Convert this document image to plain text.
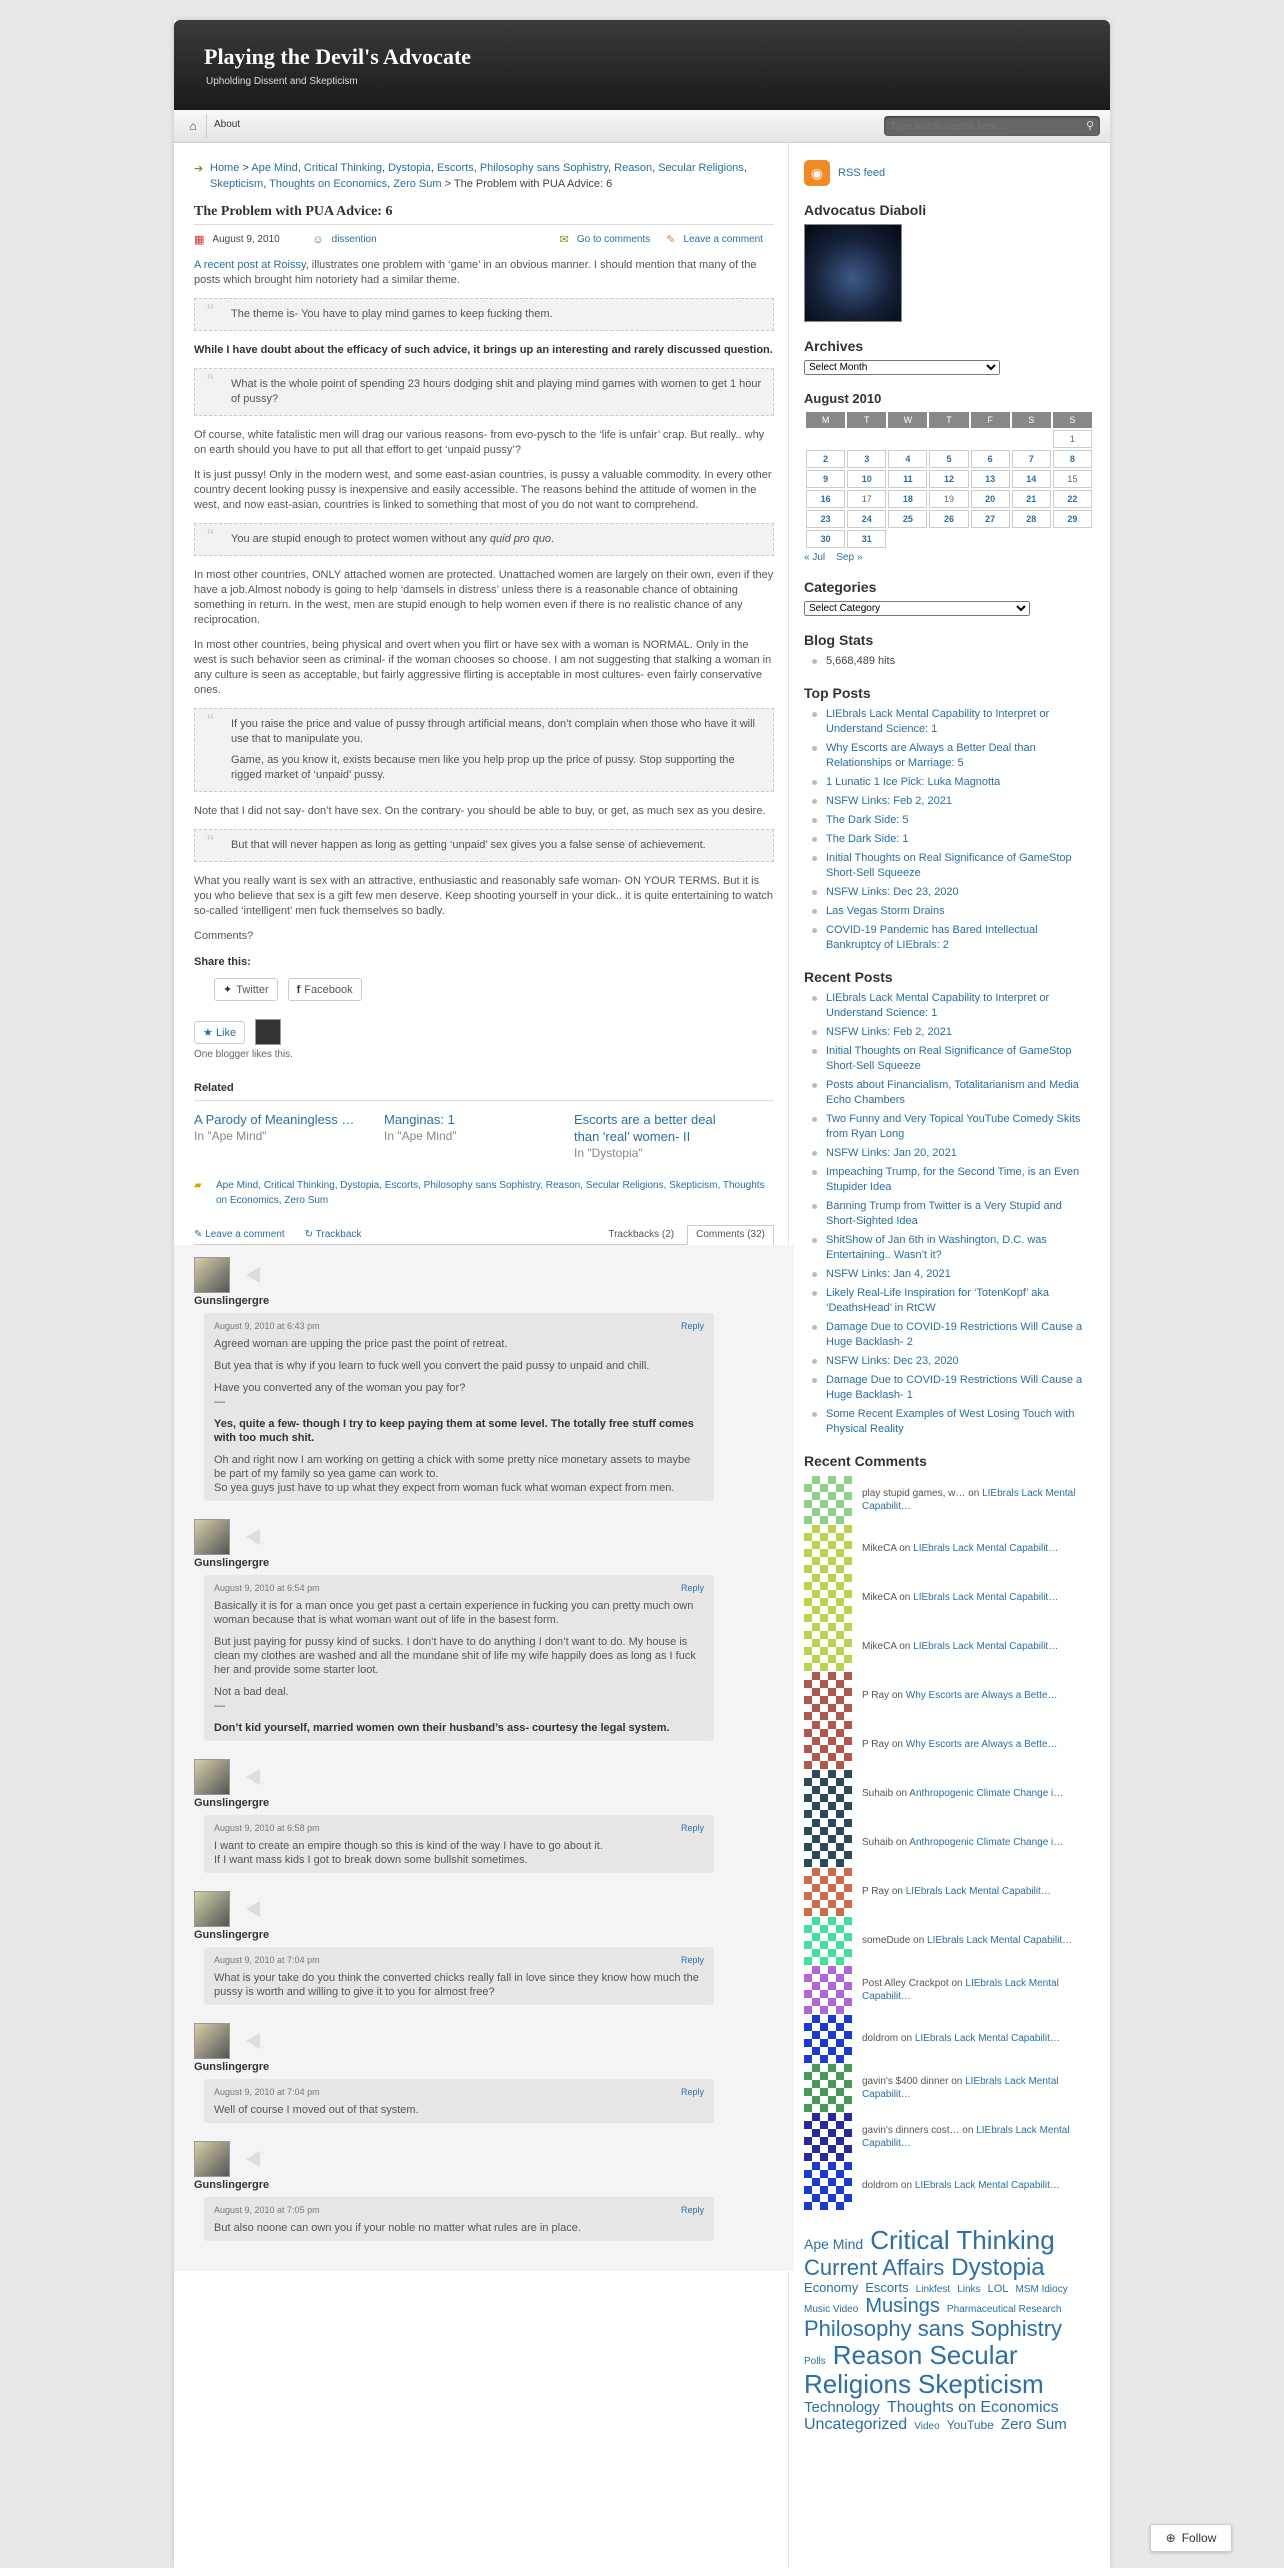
Playing the Devil's Advocate
Upholding Dissent and Skepticism
⌂	About
Type text to search here...	⚲
➔ Home > Ape Mind, Critical Thinking, Dystopia, Escorts, Philosophy sans Sophistry, Reason, Secular Religions, Skepticism, Thoughts on Economics, Zero Sum > The Problem with PUA Advice: 6
The Problem with PUA Advice: 6
▦ August 9, 2010	☺ dissention	✉ Go to comments ✎ Leave a comment

A recent post at Roissy, illustrates one problem with ‘game’ in an obvious manner. I should mention that many of the posts which brought him notoriety had a similar theme.

“ The theme is- You have to play mind games to keep fucking them.

While I have doubt about the efficacy of such advice, it brings up an interesting and rarely discussed question.

“ What is the whole point of spending 23 hours dodging shit and playing mind games with women to get 1 hour of pussy?

Of course, white fatalistic men will drag our various reasons- from evo-pysch to the ‘life is unfair’ crap. But really.. why on earth should you have to put all that effort to get ‘unpaid pussy’?

It is just pussy! Only in the modern west, and some east-asian countries, is pussy a valuable commodity. In every other country decent looking pussy is inexpensive and easily accessible. The reasons behind the attitude of women in the west, and now east-asian, countries is linked to something that most of you do not want to comprehend.

“ You are stupid enough to protect women without any quid pro quo.

In most other countries, ONLY attached women are protected. Unattached women are largely on their own, even if they have a job.Almost nobody is going to help ‘damsels in distress’ unless there is a reasonable chance of obtaining something in return. In the west, men are stupid enough to help women even if there is no realistic chance of any reciprocation.

In most other countries, being physical and overt when you flirt or have sex with a woman is NORMAL. Only in the west is such behavior seen as criminal- if the woman chooses so choose. I am not suggesting that stalking a woman in any culture is seen as acceptable, but fairly aggressive flirting is acceptable in most cultures- even fairly conservative ones.

“ If you raise the price and value of pussy through artificial means, don’t complain when those who have it will use that to manipulate you.

Game, as you know it, exists because men like you help prop up the price of pussy. Stop supporting the rigged market of ‘unpaid’ pussy.

Note that I did not say- don’t have sex. On the contrary- you should be able to buy, or get, as much sex as you desire.

“ But that will never happen as long as getting ‘unpaid’ sex gives you a false sense of achievement.

What you really want is sex with an attractive, enthusiastic and reasonably safe woman- ON YOUR TERMS. But it is you who believe that sex is a gift few men deserve. Keep shooting yourself in your dick.. it is quite entertaining to watch so-called ‘intelligent’ men fuck themselves so badly.

Comments?

Share this:
✦ Twitter	f Facebook
★ Like
One blogger likes this.
Related
A Parody of Meaningless …
In "Ape Mind"
Manginas: 1
In "Ape Mind"
Escorts are a better deal than 'real' women- II
In "Dystopia"
▰ Ape Mind, Critical Thinking, Dystopia, Escorts, Philosophy sans Sophistry, Reason, Secular Religions, Skepticism, Thoughts on Economics, Zero Sum
✎ Leave a comment ↻ Trackback	Trackbacks (2)	Comments (32)
Gunslingergre
August 9, 2010 at 6:43 pm	Reply

Agreed woman are upping the price past the point of retreat.

But yea that is why if you learn to fuck well you convert the paid pussy to unpaid and chill.

Have you converted any of the woman you pay for?
—

Yes, quite a few- though I try to keep paying them at some level. The totally free stuff comes with too much shit.

Oh and right now I am working on getting a chick with some pretty nice monetary assets to maybe be part of my family so yea game can work to.
So yea guys just have to up what they expect from woman fuck what woman expect from men.

Gunslingergre
August 9, 2010 at 6:54 pm	Reply

Basically it is for a man once you get past a certain experience in fucking you can pretty much own woman because that is what woman want out of life in the basest form.

But just paying for pussy kind of sucks. I don’t have to do anything I don’t want to do. My house is clean my clothes are washed and all the mundane shit of life my wife happily does as long as I fuck her and provide some starter loot.

Not a bad deal.
—

Don’t kid yourself, married women own their husband’s ass- courtesy the legal system.

Gunslingergre
August 9, 2010 at 6:58 pm	Reply

I want to create an empire though so this is kind of the way I have to go about it.
If I want mass kids I got to break down some bullshit sometimes.

Gunslingergre
August 9, 2010 at 7:04 pm	Reply

What is your take do you think the converted chicks really fall in love since they know how much the pussy is worth and willing to give it to you for almost free?

Gunslingergre
August 9, 2010 at 7:04 pm	Reply

Well of course I moved out of that system.

Gunslingergre
August 9, 2010 at 7:05 pm	Reply

But also noone can own you if your noble no matter what rules are in place.

◉	RSS feed
Advocatus Diaboli
Archives
Select Month
August 2010
M	T	W	T	F	S	S
						1
2	3	4	5	6	7	8
9	10	11	12	13	14	15
16	17	18	19	20	21	22
23	24	25	26	27	28	29
30	31					
« Jul Sep »
Categories
Select Category
Blog Stats
5,668,489 hits
Top Posts
LIEbrals Lack Mental Capability to Interpret or Understand Science: 1
Why Escorts are Always a Better Deal than Relationships or Marriage: 5
1 Lunatic 1 Ice Pick: Luka Magnotta
NSFW Links: Feb 2, 2021
The Dark Side: 5
The Dark Side: 1
Initial Thoughts on Real Significance of GameStop Short-Sell Squeeze
NSFW Links: Dec 23, 2020
Las Vegas Storm Drains
COVID-19 Pandemic has Bared Intellectual Bankruptcy of LIEbrals: 2
Recent Posts
LIEbrals Lack Mental Capability to Interpret or Understand Science: 1
NSFW Links: Feb 2, 2021
Initial Thoughts on Real Significance of GameStop Short-Sell Squeeze
Posts about Financialism, Totalitarianism and Media Echo Chambers
Two Funny and Very Topical YouTube Comedy Skits from Ryan Long
NSFW Links: Jan 20, 2021
Impeaching Trump, for the Second Time, is an Even Stupider Idea
Banning Trump from Twitter is a Very Stupid and Short-Sighted Idea
ShitShow of Jan 6th in Washington, D.C. was Entertaining.. Wasn’t it?
NSFW Links: Jan 4, 2021
Likely Real-Life Inspiration for ‘TotenKopf’ aka ‘DeathsHead’ in RtCW
Damage Due to COVID-19 Restrictions Will Cause a Huge Backlash- 2
NSFW Links: Dec 23, 2020
Damage Due to COVID-19 Restrictions Will Cause a Huge Backlash- 1
Some Recent Examples of West Losing Touch with Physical Reality
Recent Comments
play stupid games, w… on LIEbrals Lack Mental Capabilit…
MikeCA on LIEbrals Lack Mental Capabilit…
MikeCA on LIEbrals Lack Mental Capabilit…
MikeCA on LIEbrals Lack Mental Capabilit…
P Ray on Why Escorts are Always a Bette…
P Ray on Why Escorts are Always a Bette…
Suhaib on Anthropogenic Climate Change i…
Suhaib on Anthropogenic Climate Change i…
P Ray on LIEbrals Lack Mental Capabilit…
someDude on LIEbrals Lack Mental Capabilit…
Post Alley Crackpot on LIEbrals Lack Mental Capabilit…
doldrom on LIEbrals Lack Mental Capabilit…
gavin's $400 dinner on LIEbrals Lack Mental Capabilit…
gavin's dinners cost… on LIEbrals Lack Mental Capabilit…
doldrom on LIEbrals Lack Mental Capabilit…
Ape Mind Critical Thinking Current Affairs Dystopia Economy Escorts Linkfest Links LOL MSM Idiocy Music Video Musings Pharmaceutical Research Philosophy sans Sophistry Polls Reason Secular Religions Skepticism Technology Thoughts on Economics Uncategorized Video YouTube Zero Sum
⊕ Follow
